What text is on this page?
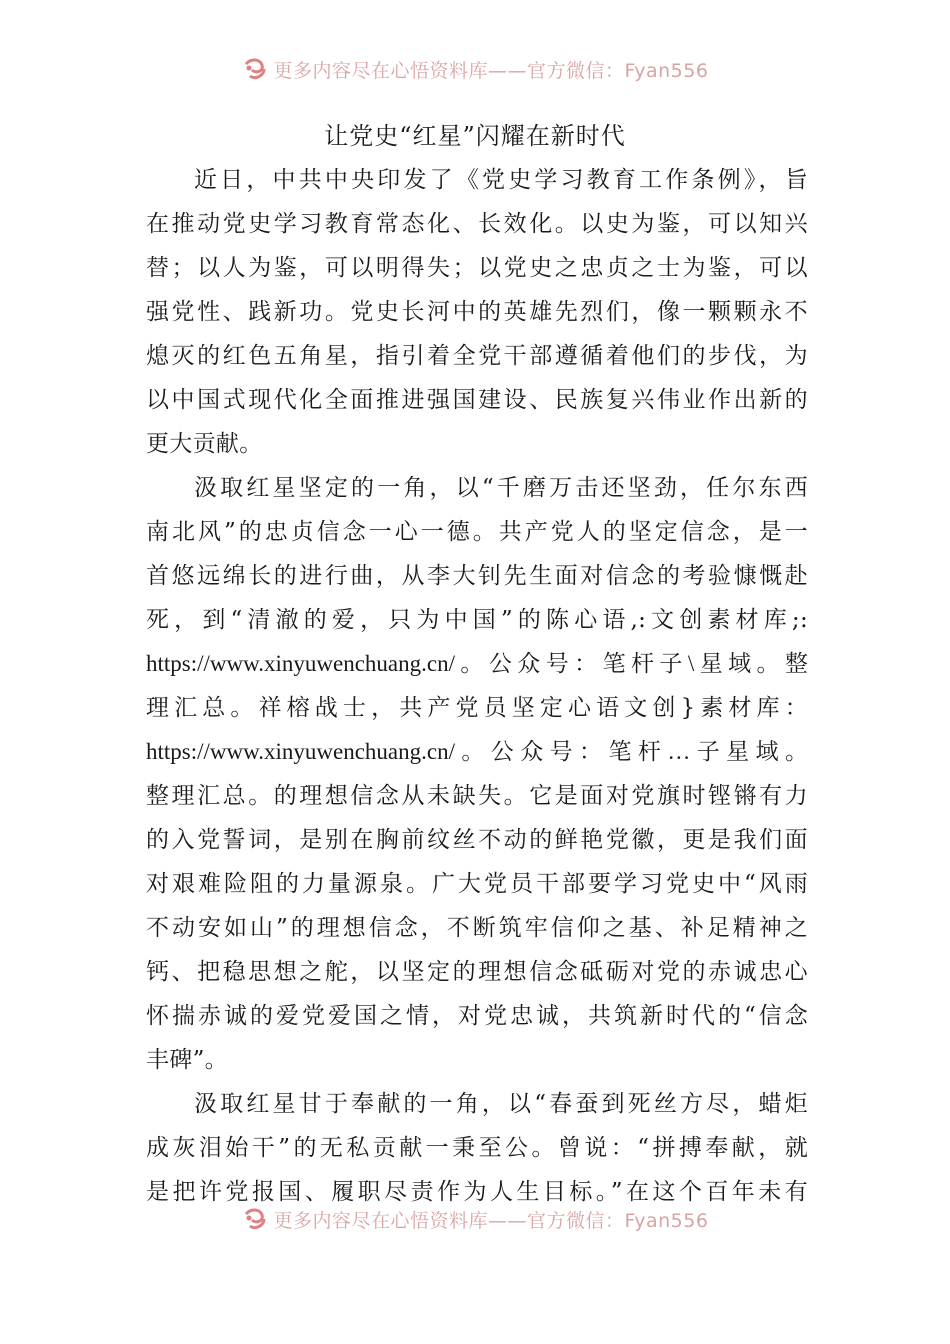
更多内容尽在心悟资料库——官方微信：Fyan556
让党史“红星”闪耀在新时代

近日，中共中央印发了《党史学习教育工作条例》，旨
在推动党史学习教育常态化、长效化。以史为鉴，可以知兴
替；以人为鉴，可以明得失；以党史之忠贞之士为鉴，可以
强党性、践新功。党史长河中的英雄先烈们，像一颗颗永不
熄灭的红色五角星，指引着全党干部遵循着他们的步伐，为
以中国式现代化全面推进强国建设、民族复兴伟业作出新的
更大贡献。

汲取红星坚定的一角，以“千磨万击还坚劲，任尔东西
南北风”的忠贞信念一心一德。共产党人的坚定信念，是一
首悠远绵长的进行曲，从李大钊先生面对信念的考验慷慨赴
死，到“清澈的爱，只为中国”的陈心语,:文创素材库;:
https://www.xinyuwenchuang.cn/。公众号：笔杆子\星域。整
理汇总。祥榕战士，共产党员坚定心语文创}素材库：
https://www.xinyuwenchuang.cn/。公众号：笔杆…子星域。
整理汇总。的理想信念从未缺失。它是面对党旗时铿锵有力
的入党誓词，是别在胸前纹丝不动的鲜艳党徽，更是我们面
对艰难险阻的力量源泉。广大党员干部要学习党史中“风雨
不动安如山”的理想信念，不断筑牢信仰之基、补足精神之
钙、把稳思想之舵，以坚定的理想信念砥砺对党的赤诚忠心
怀揣赤诚的爱党爱国之情，对党忠诚，共筑新时代的“信念
丰碑”。

汲取红星甘于奉献的一角，以“春蚕到死丝方尽，蜡炬
成灰泪始干”的无私贡献一秉至公。曾说：“拼搏奉献，就
是把许党报国、履职尽责作为人生目标。”在这个百年未有

更多内容尽在心悟资料库——官方微信：Fyan556
